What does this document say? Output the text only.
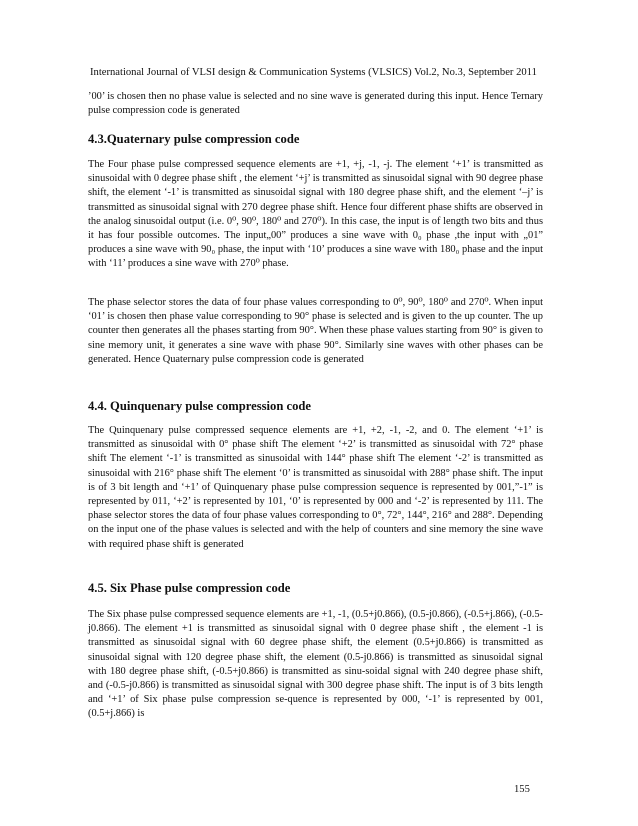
International Journal of VLSI design & Communication Systems (VLSICS) Vol.2, No.3, September 2011

’00’ is chosen then no phase value is selected and no sine wave is generated during this input. Hence Ternary pulse compression code is generated

4.3.Quaternary pulse compression code

The Four phase pulse compressed sequence elements are +1, +j, -1, -j. The element ‘+1’ is transmitted as sinusoidal with 0 degree phase shift , the element ‘+j’ is transmitted as sinusoidal signal with 90 degree phase shift, the element ‘-1’ is transmitted as sinusoidal signal with 180 degree phase shift, and the element ‘–j’ is transmitted as sinusoidal signal with 270 degree phase shift. Hence four different phase shifts are observed in the analog sinusoidal output (i.e. 0⁰, 90⁰, 180⁰ and 270⁰). In this case, the input is of length two bits and thus it has four possible outcomes. The input„00” produces a sine wave with 0₀ phase ,the input with „01” produces a sine wave with 90₀ phase, the input with ‘10’ produces a sine wave with 180₀ phase and the input with ‘11’ produces a sine wave with 270⁰ phase.

The phase selector stores the data of four phase values corresponding to 0⁰, 90⁰, 180⁰ and 270⁰. When input ‘01’ is chosen then phase value corresponding to 90° phase is selected and is given to the up counter. The up counter then generates all the phases starting from 90°. When these phase values starting from 90° is given to sine memory unit, it generates a sine wave with phase 90°. Similarly sine waves with other phases can be generated. Hence Quaternary pulse compression code is generated

4.4. Quinquenary pulse compression code

The Quinquenary pulse compressed sequence elements are +1, +2, -1, -2, and 0. The element ‘+1’ is transmitted as sinusoidal with 0° phase shift The element ‘+2’ is transmitted as sinusoidal with 72° phase shift The element ‘-1’ is transmitted as sinusoidal with 144° phase shift The element ‘-2’ is transmitted as sinusoidal with 216° phase shift The element ‘0’ is transmitted as sinusoidal with 288° phase shift. The input is of 3 bit length and ‘+1’ of Quinquenary phase pulse compression sequence is represented by 001,”-1” is represented by 011, ‘+2’ is represented by 101, ‘0’ is represented by 000 and ‘-2’ is represented by 111. The phase selector stores the data of four phase values corresponding to 0°, 72°, 144°, 216° and 288°. Depending on the input one of the phase values is selected and with the help of counters and sine memory the sine wave with required phase shift is generated

4.5. Six Phase pulse compression code

The Six phase pulse compressed sequence elements are +1, -1, (0.5+j0.866), (0.5-j0.866), (-0.5+j.866), (-0.5-j0.866). The element +1 is transmitted as sinusoidal signal with 0 degree phase shift , the element -1 is transmitted as sinusoidal signal with 60 degree phase shift, the element (0.5+j0.866) is transmitted as sinusoidal signal with 120 degree phase shift, the element (0.5-j0.866) is transmitted as sinusoidal signal with 180 degree phase shift, (-0.5+j0.866) is transmitted as sinu-soidal signal with 240 degree phase shift, and (-0.5-j0.866) is transmitted as sinusoidal signal with 300 degree phase shift. The input is of 3 bits length and ‘+1’ of Six phase pulse compression se-quence is represented by 000, ‘-1’ is represented by 001, (0.5+j.866) is

155
